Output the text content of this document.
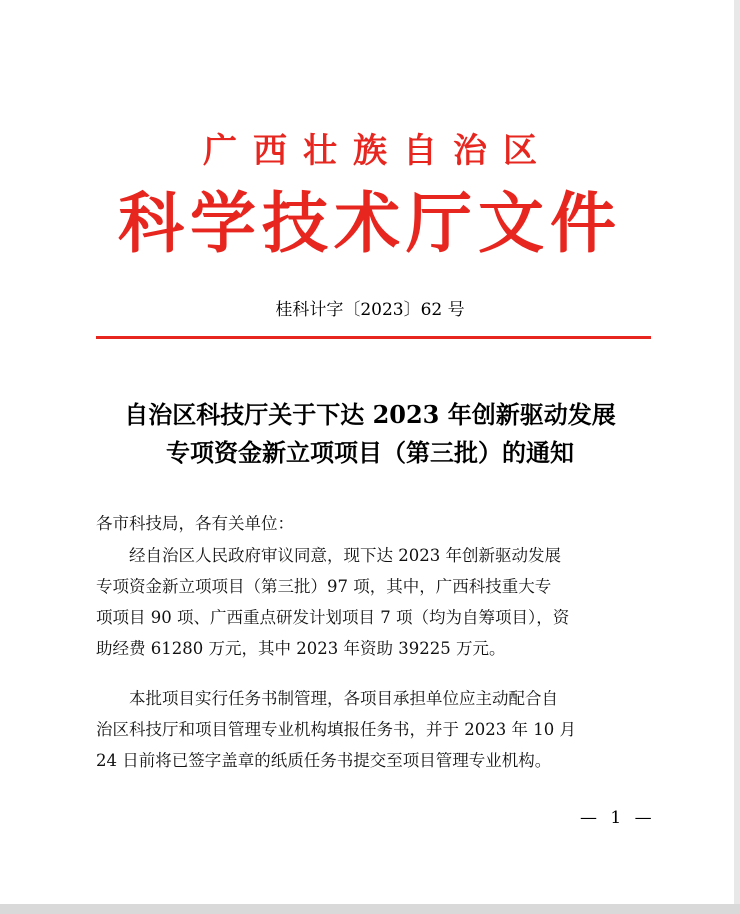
广西壮族自治区
科学技术厅文件
桂科计字〔2023〕62 号
自治区科技厅关于下达 2023 年创新驱动发展
专项资金新立项项目（第三批）的通知
各市科技局，各有关单位：
经自治区人民政府审议同意，现下达 2023 年创新驱动发展
专项资金新立项项目（第三批）97 项，其中，广西科技重大专
项项目 90 项、广西重点研发计划项目 7 项（均为自筹项目），资
助经费 61280 万元，其中 2023 年资助 39225 万元。
本批项目实行任务书制管理，各项目承担单位应主动配合自
治区科技厅和项目管理专业机构填报任务书，并于 2023 年 10 月
24 日前将已签字盖章的纸质任务书提交至项目管理专业机构。
— 1 —
